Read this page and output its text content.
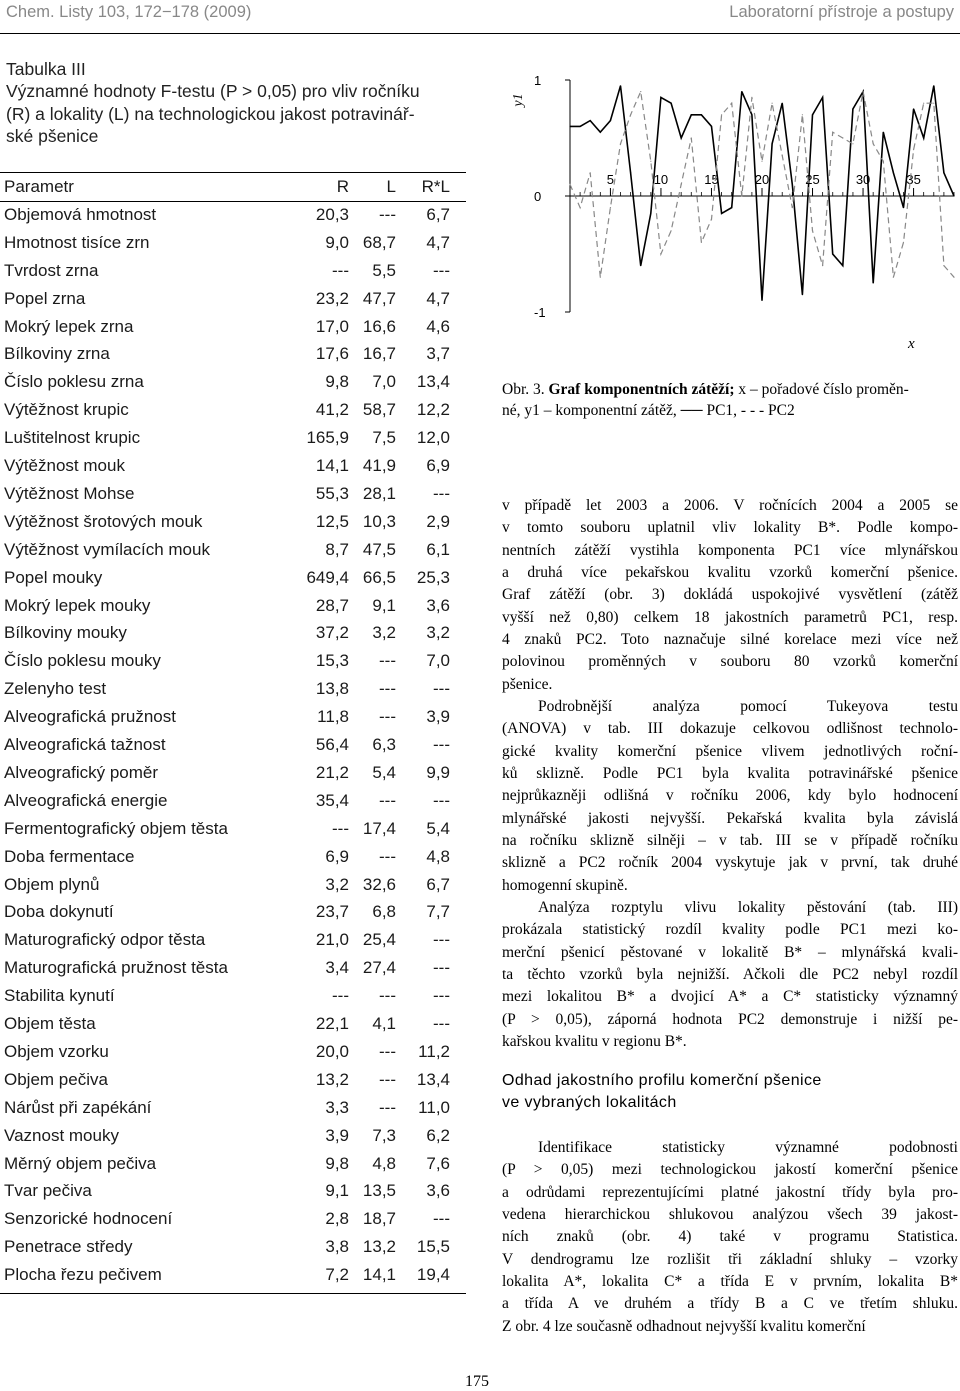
Chem. Listy 103, 172−178 (2009)	Laboratorní přístroje a postupy
Tabulka III
Významné hodnoty F-testu (P > 0,05) pro vliv ročníku
(R) a lokality (L) na technologickou jakost potravinář-
ské pšenice
Parametr	R L R*L
Objemová hmotnost	20,3 --- 6,7
Hmotnost tisíce zrn	9,0 68,7 4,7
Tvrdost zrna	--- 5,5 ---
Popel zrna	23,2 47,7 4,7
Mokrý lepek zrna	17,0 16,6 4,6
Bílkoviny zrna	17,6 16,7 3,7
Číslo poklesu zrna	9,8 7,0 13,4
Výtěžnost krupic	41,2 58,7 12,2
Luštitelnost krupic	165,9 7,5 12,0
Výtěžnost mouk	14,1 41,9 6,9
Výtěžnost Mohse	55,3 28,1 ---
Výtěžnost šrotových mouk	12,5 10,3 2,9
Výtěžnost vymílacích mouk	8,7 47,5 6,1
Popel mouky	649,4 66,5 25,3
Mokrý lepek mouky	28,7 9,1 3,6
Bílkoviny mouky	37,2 3,2 3,2
Číslo poklesu mouky	15,3 --- 7,0
Zelenyho test	13,8 --- ---
Alveografická pružnost	11,8 --- 3,9
Alveografická tažnost	56,4 6,3 ---
Alveografický poměr	21,2 5,4 9,9
Alveografická energie	35,4 --- ---
Fermentografický objem těsta	--- 17,4 5,4
Doba fermentace	6,9 --- 4,8
Objem plynů	3,2 32,6 6,7
Doba dokynutí	23,7 6,8 7,7
Maturografický odpor těsta	21,0 25,4 ---
Maturografická pružnost těsta	3,4 27,4 ---
Stabilita kynutí	--- --- ---
Objem těsta	22,1 4,1 ---
Objem vzorku	20,0 --- 11,2
Objem pečiva	13,2 --- 13,4
Nárůst při zapékání	3,3 --- 11,0
Vaznost mouky	3,9 7,3 6,2
Měrný objem pečiva	9,8 4,8 7,6
Tvar pečiva	9,1 13,5 3,6
Senzorické hodnocení	2,8 18,7 ---
Penetrace středy	3,8 13,2 15,5
Plocha řezu pečivem	7,2 14,1 19,4
1
0
-1
5	10	15	20	25	30	35
y1
x
Obr. 3. Graf komponentních zátěží; x – pořadové číslo proměn-
né, y1 – komponentní zátěž, ── PC1, - - - PC2
v případě let 2003 a 2006. V ročnících 2004 a 2005 se
v tomto souboru uplatnil vliv lokality B*. Podle kompo-
nentních zátěží vystihla komponenta PC1 více mlynářskou
a druhá více pekařskou kvalitu vzorků komerční pšenice.
Graf zátěží (obr. 3) dokládá uspokojivé vysvětlení (zátěž
vyšší než 0,80) celkem 18 jakostních parametrů PC1, resp.
4 znaků PC2. Toto naznačuje silné korelace mezi více než
polovinou proměnných v souboru 80 vzorků komerční
pšenice.
Podrobnější analýza pomocí Tukeyova testu
(ANOVA) v tab. III dokazuje celkovou odlišnost technolo-
gické kvality komerční pšenice vlivem jednotlivých roční-
ků sklizně. Podle PC1 byla kvalita potravinářské pšenice
nejprůkazněji odlišná v ročníku 2006, kdy bylo hodnocení
mlynářské jakosti nejvyšší. Pekařská kvalita byla závislá
na ročníku sklizně silněji – v tab. III se v případě ročníku
sklizně a PC2 ročník 2004 vyskytuje jak v první, tak druhé
homogenní skupině.
Analýza rozptylu vlivu lokality pěstování (tab. III)
prokázala statistický rozdíl kvality podle PC1 mezi ko-
merční pšenicí pěstované v lokalitě B* – mlynářská kvali-
ta těchto vzorků byla nejnižší. Ačkoli dle PC2 nebyl rozdíl
mezi lokalitou B* a dvojicí A* a C* statisticky významný
(P > 0,05), záporná hodnota PC2 demonstruje i nižší pe-
kařskou kvalitu v regionu B*.
Identifikace statisticky významné podobnosti
(P > 0,05) mezi technologickou jakostí komerční pšenice
a odrůdami reprezentujícími platné jakostní třídy byla pro-
vedena hierarchickou shlukovou analýzou všech 39 jakost-
ních znaků (obr. 4) také v programu Statistica.
V dendrogramu lze rozlišit tři základní shluky – vzorky
lokalita A*, lokalita C* a třída E v prvním, lokalita B*
a třída A ve druhém a třídy B a C ve třetím shluku.
Z obr. 4 lze současně odhadnout nejvyšší kvalitu komerční
Odhad jakostního profilu komerční pšenice
ve vybraných lokalitách
175
